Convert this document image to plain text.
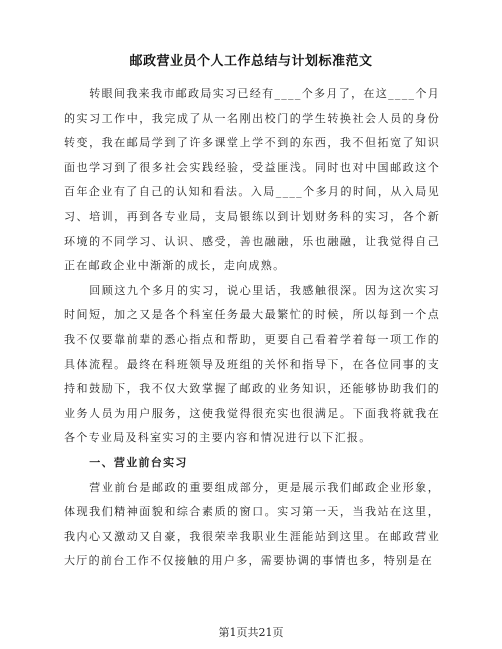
邮政营业员个人工作总结与计划标准范文

转眼间我来我市邮政局实习已经有____个多月了，在这____个月的实习工作中，我完成了从一名刚出校门的学生转换社会人员的身份转变，我在邮局学到了许多课堂上学不到的东西，我不但拓宽了知识面也学习到了很多社会实践经验，受益匪浅。同时也对中国邮政这个百年企业有了自己的认知和看法。入局____个多月的时间，从入局见习、培训，再到各专业局，支局银练以到计划财务科的实习，各个新环境的不同学习、认识、感受，善也融融，乐也融融，让我觉得自己正在邮政企业中渐渐的成长，走向成熟。

回顾这九个多月的实习，说心里话，我感触很深。因为这次实习时间短，加之又是各个科室任务最大最繁忙的时候，所以每到一个点我不仅要靠前辈的悉心指点和帮助，更要自己看着学着每一项工作的具体流程。最终在科班领导及班组的关怀和指导下，在各位同事的支持和鼓励下，我不仅大致掌握了邮政的业务知识，还能够协助我们的业务人员为用户服务，这使我觉得很充实也很满足。下面我将就我在各个专业局及科室实习的主要内容和情况进行以下汇报。

一、营业前台实习

营业前台是邮政的重要组成部分，更是展示我们邮政企业形象，体现我们精神面貌和综合素质的窗口。实习第一天，当我站在这里，我内心又激动又自豪，我很荣幸我职业生涯能站到这里。在邮政营业大厅的前台工作不仅接触的用户多，需要协调的事情也多，特别是在

第1页共21页
